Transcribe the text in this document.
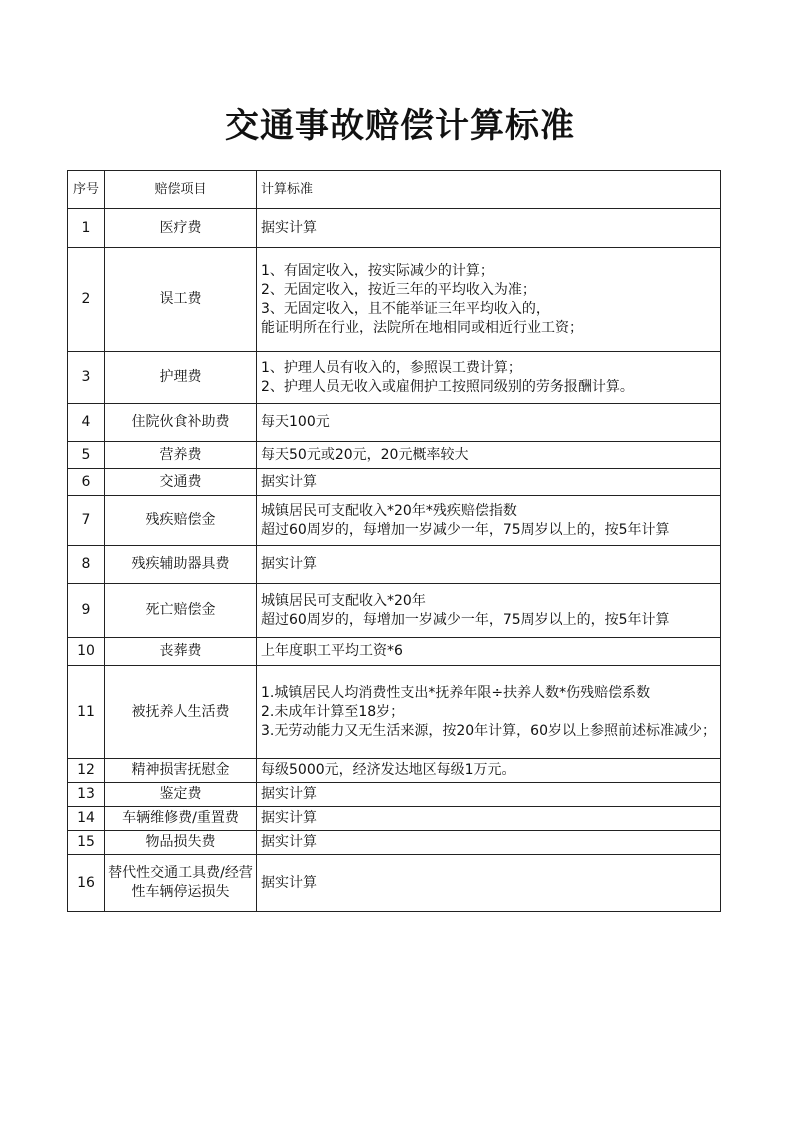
交通事故赔偿计算标准
序号	赔偿项目	计算标准
1	医疗费	据实计算

2	误工费	1、有固定收入，按实际减少的计算；
2、无固定收入，按近三年的平均收入为准；
3、无固定收入，且不能举证三年平均收入的，
能证明所在行业，法院所在地相同或相近行业工资；

3	护理费	1、护理人员有收入的，参照误工费计算；
2、护理人员无收入或雇佣护工按照同级别的劳务报酬计算。

4	住院伙食补助费	每天100元

5	营养费	每天50元或20元，20元概率较大

6	交通费	据实计算

7	残疾赔偿金	城镇居民可支配收入*20年*残疾赔偿指数
超过60周岁的，每增加一岁减少一年，75周岁以上的，按5年计算

8	残疾辅助器具费	据实计算

9	死亡赔偿金	城镇居民可支配收入*20年
超过60周岁的，每增加一岁减少一年，75周岁以上的，按5年计算

10	丧葬费	上年度职工平均工资*6

11	被抚养人生活费	1.城镇居民人均消费性支出*抚养年限÷扶养人数*伤残赔偿系数
2.未成年计算至18岁；
3.无劳动能力又无生活来源，按20年计算，60岁以上参照前述标准减少；

12	精神损害抚慰金	每级5000元，经济发达地区每级1万元。

13	鉴定费	据实计算

14	车辆维修费/重置费	据实计算

15	物品损失费	据实计算

16	替代性交通工具费/经营性车辆停运损失	据实计算
